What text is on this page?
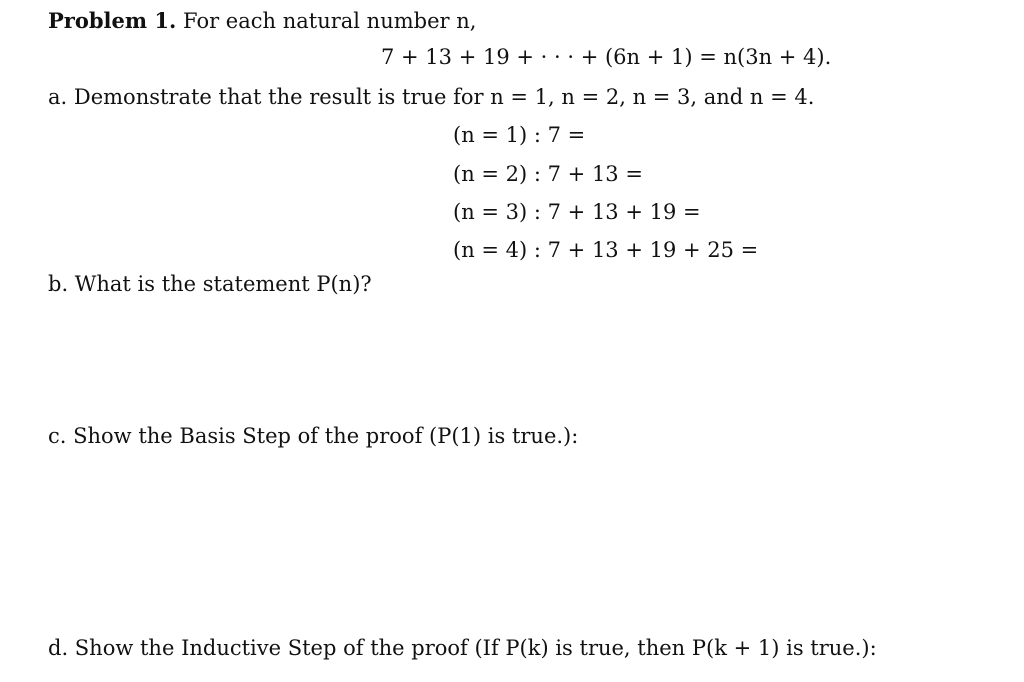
Problem 1. For each natural number n,
7 + 13 + 19 + · · · + (6n + 1) = n(3n + 4).
a. Demonstrate that the result is true for n = 1, n = 2, n = 3, and n = 4.
(n = 1) : 7 =
(n = 2) : 7 + 13 =
(n = 3) : 7 + 13 + 19 =
(n = 4) : 7 + 13 + 19 + 25 =
b. What is the statement P(n)?
c. Show the Basis Step of the proof (P(1) is true.):
d. Show the Inductive Step of the proof (If P(k) is true, then P(k + 1) is true.):
